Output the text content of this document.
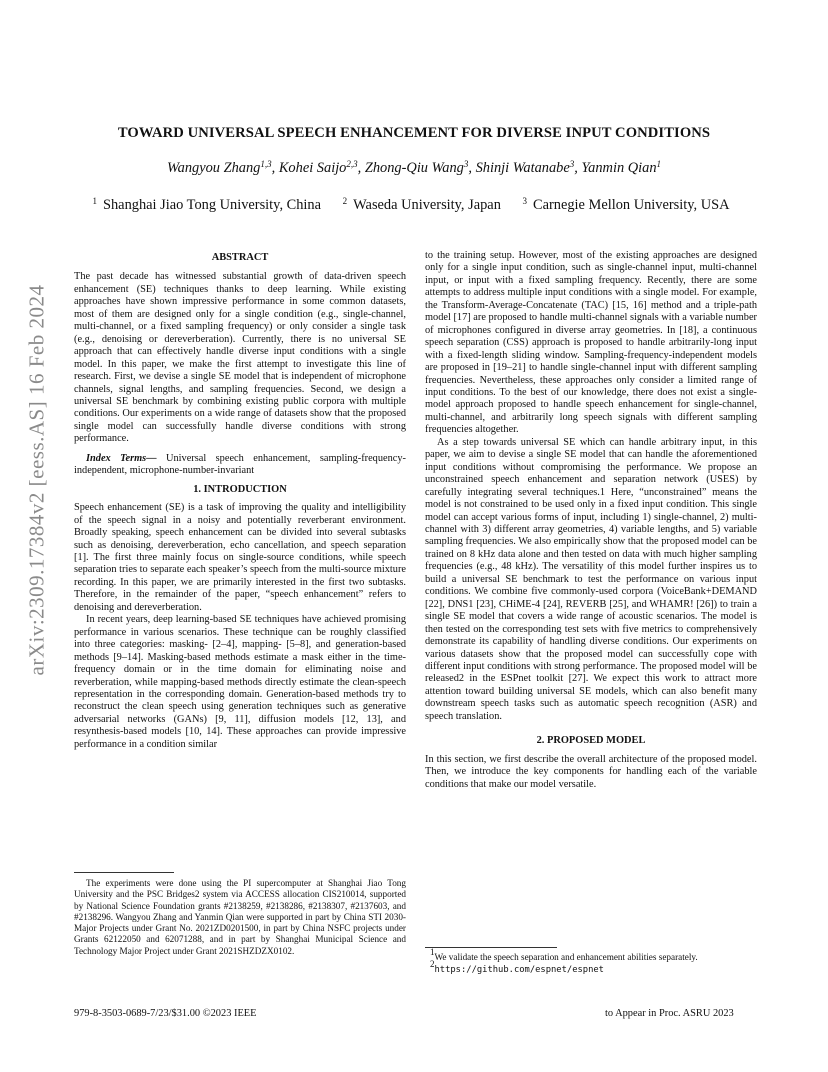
arXiv:2309.17384v2 [eess.AS] 16 Feb 2024
TOWARD UNIVERSAL SPEECH ENHANCEMENT FOR DIVERSE INPUT CONDITIONS
Wangyou Zhang$^{1,3}$, Kohei Saijo$^{2,3}$, Zhong-Qiu Wang$^3$, Shinji Watanabe$^3$, Yanmin Qian$^1$
$^1$ Shanghai Jiao Tong University, China $^2$ Waseda University, Japan $^3$ Carnegie Mellon University, USA
ABSTRACT

The past decade has witnessed substantial growth of data-driven speech enhancement (SE) techniques thanks to deep learning. While existing approaches have shown impressive performance in some common datasets, most of them are designed only for a single condition (e.g., single-channel, multi-channel, or a fixed sampling frequency) or only consider a single task (e.g., denoising or dereverberation). Currently, there is no universal SE approach that can effectively handle diverse input conditions with a single model. In this paper, we make the first attempt to investigate this line of research. First, we devise a single SE model that is independent of microphone channels, signal lengths, and sampling frequencies. Second, we design a universal SE benchmark by combining existing public corpora with multiple conditions. Our experiments on a wide range of datasets show that the proposed single model can successfully handle diverse conditions with strong performance.

Index Terms— Universal speech enhancement, sampling-frequency-independent, microphone-number-invariant

1. INTRODUCTION

Speech enhancement (SE) is a task of improving the quality and intelligibility of the speech signal in a noisy and potentially reverberant environment. Broadly speaking, speech enhancement can be divided into several subtasks such as denoising, dereverberation, echo cancellation, and speech separation [1]. The first three mainly focus on single-source conditions, while speech separation tries to separate each speaker’s speech from the multi-source mixture recording. In this paper, we are primarily interested in the first two subtasks. Therefore, in the remainder of the paper, “speech enhancement” refers to denoising and dereverberation.

In recent years, deep learning-based SE techniques have achieved promising performance in various scenarios. These technique can be roughly classified into three categories: masking- [2–4], mapping- [5–8], and generation-based methods [9–14]. Masking-based methods estimate a mask either in the time-frequency domain or in the time domain for eliminating noise and reverberation, while mapping-based methods directly estimate the clean-speech representation in the corresponding domain. Generation-based methods try to reconstruct the clean speech using generation techniques such as generative adversarial networks (GANs) [9, 11], diffusion models [12, 13], and resynthesis-based models [10, 14]. These approaches can provide impressive performance in a condition similar

to the training setup. However, most of the existing approaches are designed only for a single input condition, such as single-channel input, multi-channel input, or input with a fixed sampling frequency. Recently, there are some attempts to address multiple input conditions with a single model. For example, the Transform-Average-Concatenate (TAC) [15, 16] method and a triple-path model [17] are proposed to handle multi-channel signals with a variable number of microphones configured in diverse array geometries. In [18], a continuous speech separation (CSS) approach is proposed to handle arbitrarily-long input with a fixed-length sliding window. Sampling-frequency-independent models are proposed in [19–21] to handle single-channel input with different sampling frequencies. Nevertheless, these approaches only consider a limited range of input conditions. To the best of our knowledge, there does not exist a single-model approach proposed to handle speech enhancement for single-channel, multi-channel, and arbitrarily long speech signals with different sampling frequencies altogether.

As a step towards universal SE which can handle arbitrary input, in this paper, we aim to devise a single SE model that can handle the aforementioned input conditions without compromising the performance. We propose an unconstrained speech enhancement and separation network (USES) by carefully integrating several techniques.1 Here, “unconstrained” means the model is not constrained to be used only in a fixed input condition. This single model can accept various forms of input, including 1) single-channel, 2) multi-channel with 3) different array geometries, 4) variable lengths, and 5) variable sampling frequencies. We also empirically show that the proposed model can be trained on 8 kHz data alone and then tested on data with much higher sampling frequencies (e.g., 48 kHz). The versatility of this model further inspires us to build a universal SE benchmark to test the performance on various input conditions. We combine five commonly-used corpora (VoiceBank+DEMAND [22], DNS1 [23], CHiME-4 [24], REVERB [25], and WHAMR! [26]) to train a single SE model that covers a wide range of acoustic scenarios. The model is then tested on the corresponding test sets with five metrics to comprehensively demonstrate its capability of handling diverse conditions. Our experiments on various datasets show that the proposed model can successfully cope with different input conditions with strong performance. The proposed model will be released2 in the ESPnet toolkit [27]. We expect this work to attract more attention toward building universal SE models, which can also benefit many downstream speech tasks such as automatic speech recognition (ASR) and speech translation.

2. PROPOSED MODEL

In this section, we first describe the overall architecture of the proposed model. Then, we introduce the key components for handling each of the variable conditions that make our model versatile.

The experiments were done using the PI supercomputer at Shanghai Jiao Tong University and the PSC Bridges2 system via ACCESS allocation CIS210014, supported by National Science Foundation grants #2138259, #2138286, #2138307, #2137603, and #2138296. Wangyou Zhang and Yanmin Qian were supported in part by China STI 2030-Major Projects under Grant No. 2021ZD0201500, in part by China NSFC projects under Grants 62122050 and 62071288, and in part by Shanghai Municipal Science and Technology Major Project under Grant 2021SHZDZX0102.	$^1$We validate the speech separation and enhancement abilities separately.
$^2$https://github.com/espnet/espnet
979-8-3503-0689-7/23/$31.00 ©2023 IEEE	to Appear in Proc. ASRU 2023
